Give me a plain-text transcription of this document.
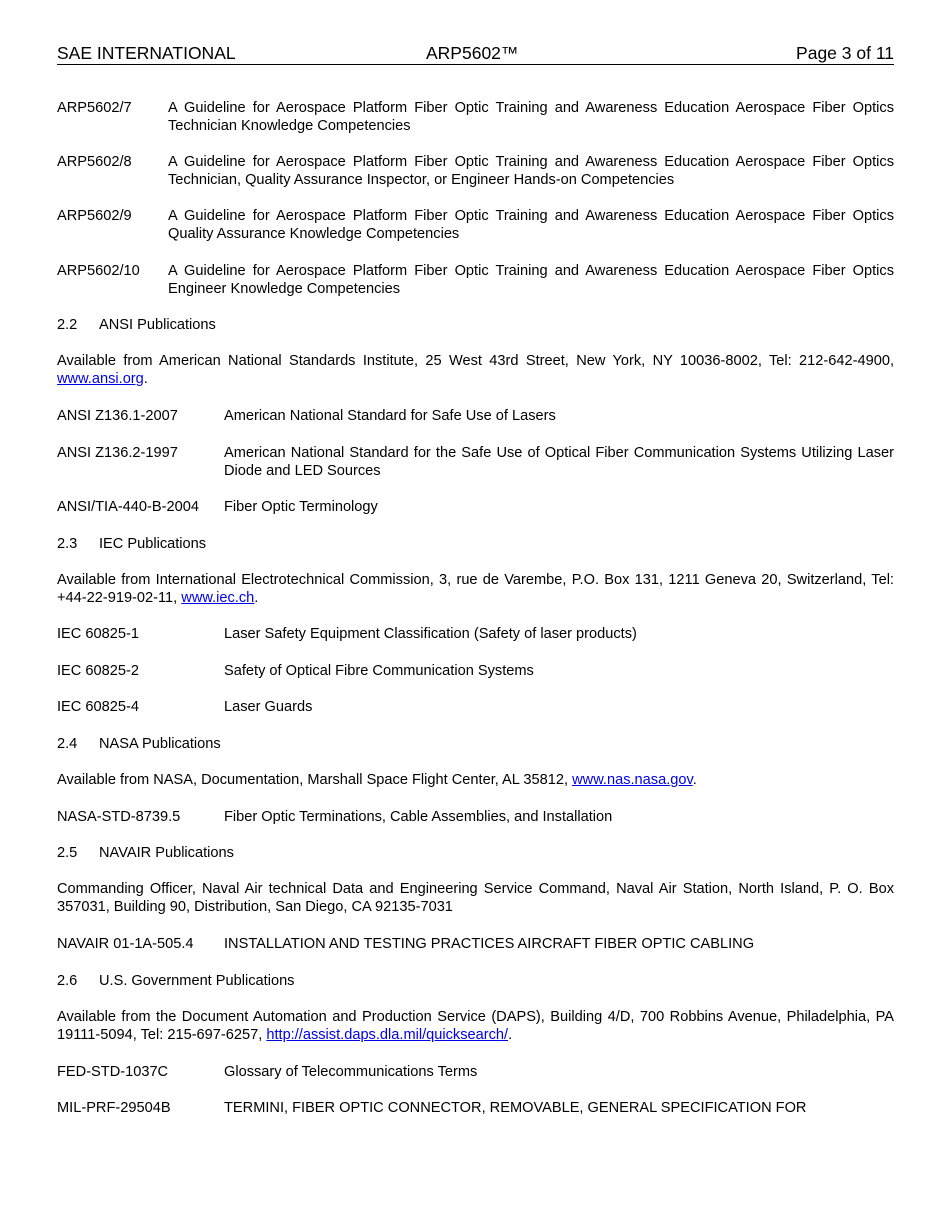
SAE INTERNATIONAL	ARP5602™	Page 3 of 11
ARP5602/7 A Guideline for Aerospace Platform Fiber Optic Training and Awareness Education Aerospace Fiber Optics Technician Knowledge Competencies
ARP5602/8 A Guideline for Aerospace Platform Fiber Optic Training and Awareness Education Aerospace Fiber Optics Technician, Quality Assurance Inspector, or Engineer Hands-on Competencies
ARP5602/9 A Guideline for Aerospace Platform Fiber Optic Training and Awareness Education Aerospace Fiber Optics Quality Assurance Knowledge Competencies
ARP5602/10 A Guideline for Aerospace Platform Fiber Optic Training and Awareness Education Aerospace Fiber Optics Engineer Knowledge Competencies
2.2 ANSI Publications
Available from American National Standards Institute, 25 West 43rd Street, New York, NY 10036-8002, Tel: 212-642-4900, www.ansi.org.
ANSI Z136.1-2007	American National Standard for Safe Use of Lasers
ANSI Z136.2-1997	American National Standard for the Safe Use of Optical Fiber Communication Systems Utilizing Laser Diode and LED Sources
ANSI/TIA-440-B-2004 Fiber Optic Terminology
2.3 IEC Publications
Available from International Electrotechnical Commission, 3, rue de Varembe, P.O. Box 131, 1211 Geneva 20, Switzerland, Tel: +44-22-919-02-11, www.iec.ch.
IEC 60825-1	Laser Safety Equipment Classification (Safety of laser products)
IEC 60825-2	Safety of Optical Fibre Communication Systems
IEC 60825-4	Laser Guards
2.4 NASA Publications
Available from NASA, Documentation, Marshall Space Flight Center, AL 35812, www.nas.nasa.gov.
NASA-STD-8739.5	Fiber Optic Terminations, Cable Assemblies, and Installation
2.5 NAVAIR Publications
Commanding Officer, Naval Air technical Data and Engineering Service Command, Naval Air Station, North Island, P. O. Box 357031, Building 90, Distribution, San Diego, CA 92135-7031
NAVAIR 01-1A-505.4 INSTALLATION AND TESTING PRACTICES AIRCRAFT FIBER OPTIC CABLING
2.6 U.S. Government Publications
Available from the Document Automation and Production Service (DAPS), Building 4/D, 700 Robbins Avenue, Philadelphia, PA 19111-5094, Tel: 215-697-6257, http://assist.daps.dla.mil/quicksearch/.
FED-STD-1037C	Glossary of Telecommunications Terms
MIL-PRF-29504B	TERMINI, FIBER OPTIC CONNECTOR, REMOVABLE, GENERAL SPECIFICATION FOR
